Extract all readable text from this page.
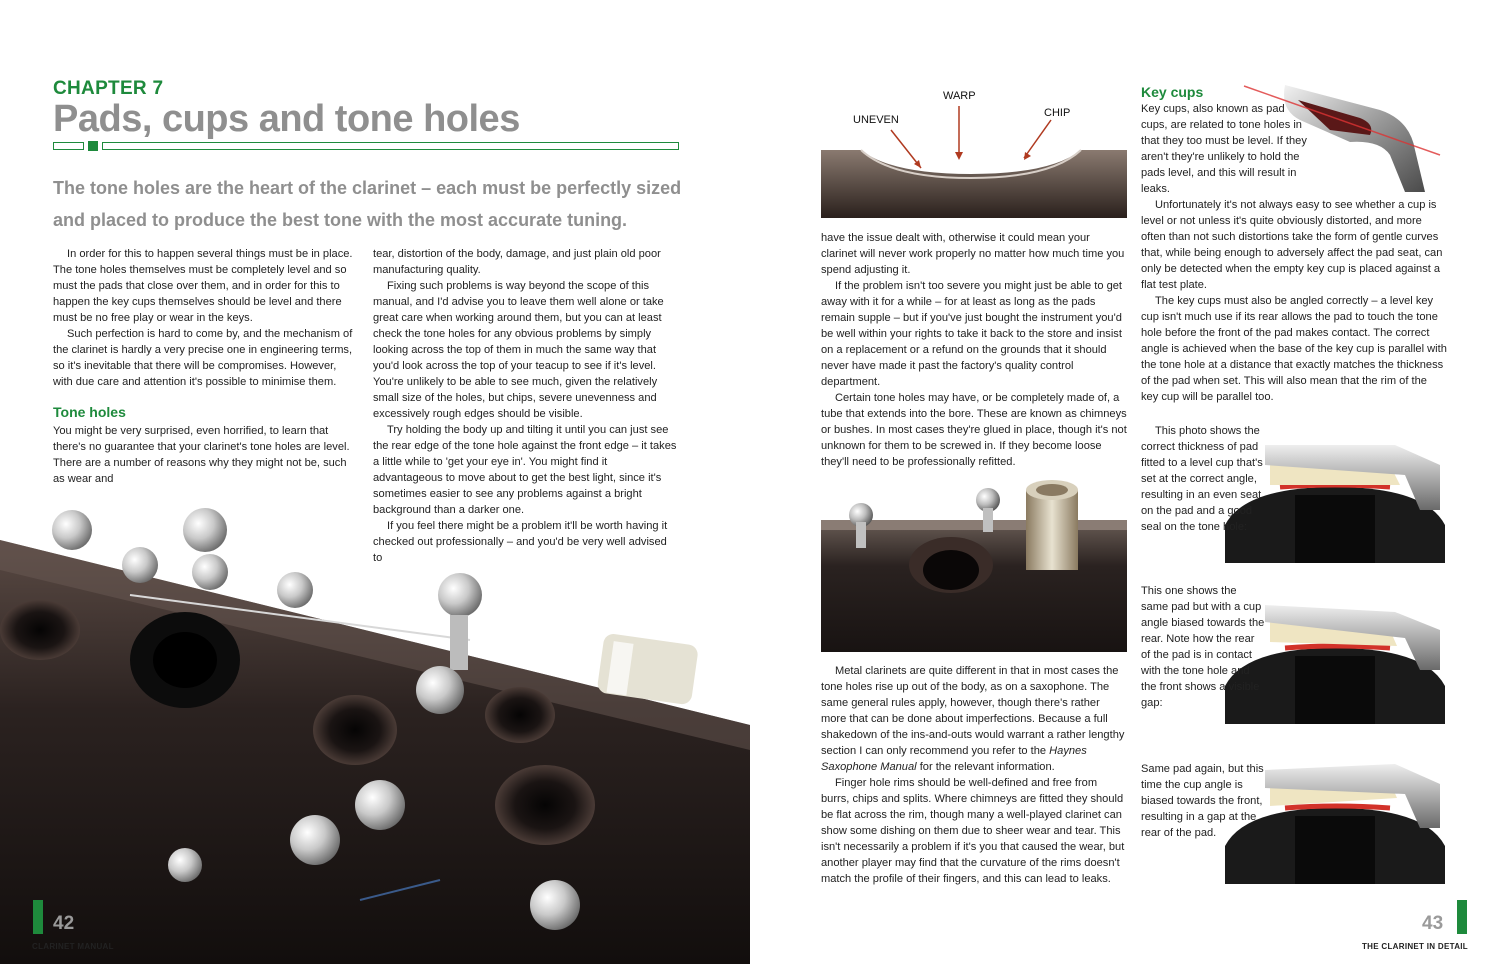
CHAPTER 7
Pads, cups and tone holes
The tone holes are the heart of the clarinet – each must be perfectly sized and placed to produce the best tone with the most accurate tuning.

In order for this to happen several things must be in place. The tone holes themselves must be completely level and so must the pads that close over them, and in order for this to happen the key cups themselves should be level and there must be no free play or wear in the keys.

Such perfection is hard to come by, and the mechanism of the clarinet is hardly a very precise one in engineering terms, so it's inevitable that there will be compromises. However, with due care and attention it's possible to minimise them.

Tone holes

You might be very surprised, even horrified, to learn that there's no guarantee that your clarinet's tone holes are level. There are a number of reasons why they might not be, such as wear and

tear, distortion of the body, damage, and just plain old poor manufacturing quality.

Fixing such problems is way beyond the scope of this manual, and I'd advise you to leave them well alone or take great care when working around them, but you can at least check the tone holes for any obvious problems by simply looking across the top of them in much the same way that you'd look across the top of your teacup to see if it's level. You're unlikely to be able to see much, given the relatively small size of the holes, but chips, severe unevenness and excessively rough edges should be visible.

Try holding the body up and tilting it until you can just see the rear edge of the tone hole against the front edge – it takes a little while to 'get your eye in'. You might find it advantageous to move about to get the best light, since it's sometimes easier to see any problems against a bright background than a darker one.

If you feel there might be a problem it'll be worth having it checked out professionally – and you'd be very well advised to

42
CLARINET MANUAL
WARP
UNEVEN
CHIP

have the issue dealt with, otherwise it could mean your clarinet will never work properly no matter how much time you spend adjusting it.

If the problem isn't too severe you might just be able to get away with it for a while – for at least as long as the pads remain supple – but if you've just bought the instrument you'd be well within your rights to take it back to the store and insist on a replacement or a refund on the grounds that it should never have made it past the factory's quality control department.

Certain tone holes may have, or be completely made of, a tube that extends into the bore. These are known as chimneys or bushes. In most cases they're glued in place, though it's not unknown for them to be screwed in. If they become loose they'll need to be professionally refitted.

Metal clarinets are quite different in that in most cases the tone holes rise up out of the body, as on a saxophone. The same general rules apply, however, though there's rather more that can be done about imperfections. Because a full shakedown of the ins-and-outs would warrant a rather lengthy section I can only recommend you refer to the Haynes Saxophone Manual for the relevant information.

Finger hole rims should be well-defined and free from burrs, chips and splits. Where chimneys are fitted they should be flat across the rim, though many a well-played clarinet can show some dishing on them due to sheer wear and tear. This isn't necessarily a problem if it's you that caused the wear, but another player may find that the curvature of the rims doesn't match the profile of their fingers, and this can lead to leaks.

Key cups

Key cups, also known as pad cups, are related to tone holes in that they too must be level. If they aren't they're unlikely to hold the pads level, and this will result in leaks.

Unfortunately it's not always easy to see whether a cup is level or not unless it's quite obviously distorted, and more often than not such distortions take the form of gentle curves that, while being enough to adversely affect the pad seat, can only be detected when the empty key cup is placed against a flat test plate.

The key cups must also be angled correctly – a level key cup isn't much use if its rear allows the pad to touch the tone hole before the front of the pad makes contact. The correct angle is achieved when the base of the key cup is parallel with the tone hole at a distance that exactly matches the thickness of the pad when set. This will also mean that the rim of the key cup will be parallel too.

This photo shows the correct thickness of pad fitted to a level cup that's set at the correct angle, resulting in an even seat on the pad and a good seal on the tone hole:

This one shows the same pad but with a cup angle biased towards the rear. Note how the rear of the pad is in contact with the tone hole and the front shows a visible gap:

Same pad again, but this time the cup angle is biased towards the front, resulting in a gap at the rear of the pad.

43
THE CLARINET IN DETAIL
